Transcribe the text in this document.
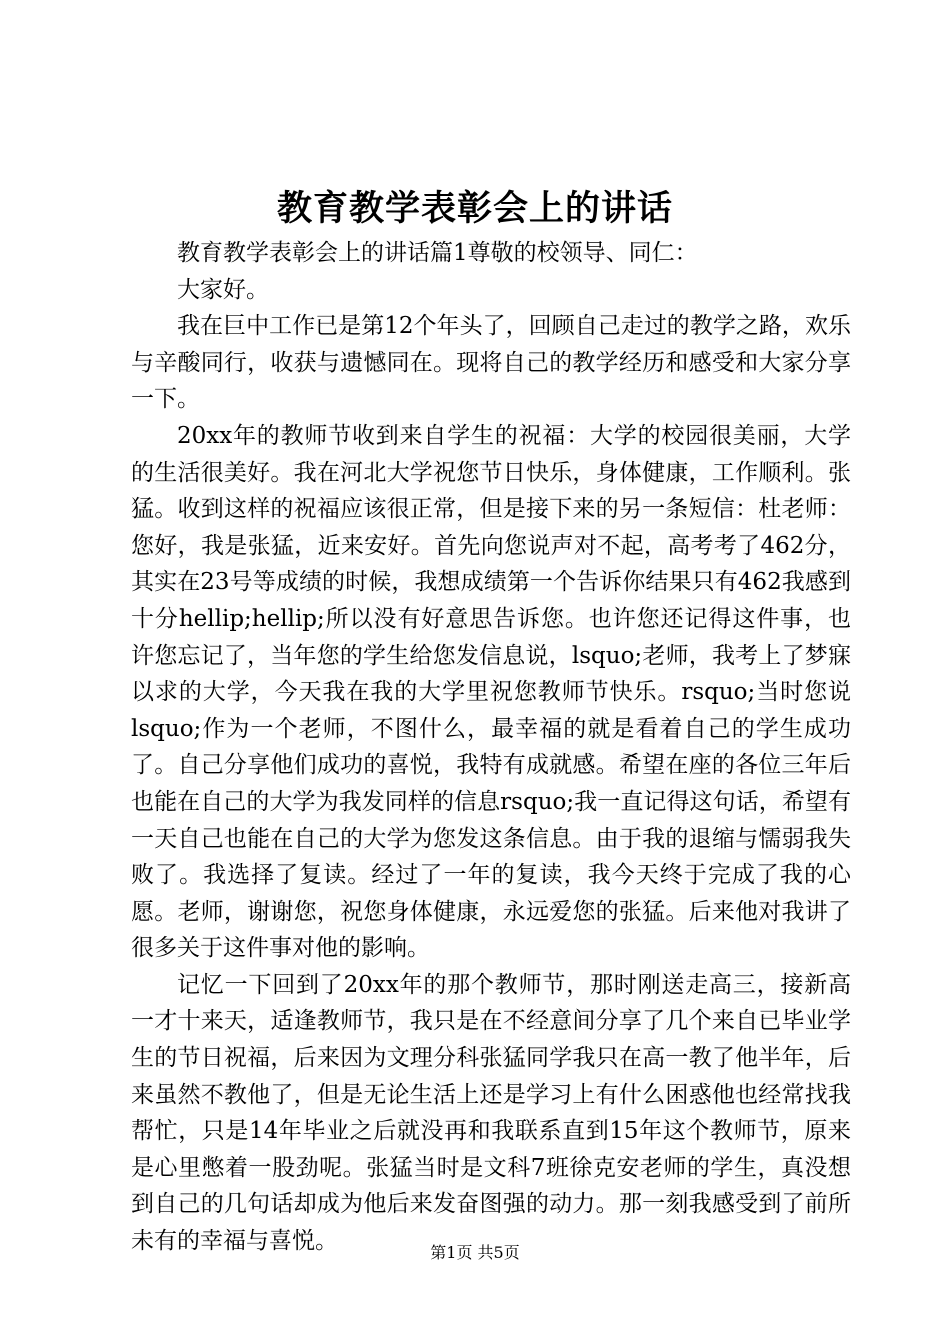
教育教学表彰会上的讲话

教育教学表彰会上的讲话篇1尊敬的校领导、同仁：

大家好。

我在巨中工作已是第12个年头了，回顾自己走过的教学之路，欢乐与辛酸同行，收获与遗憾同在。现将自己的教学经历和感受和大家分享一下。

20xx年的教师节收到来自学生的祝福：大学的校园很美丽，大学的生活很美好。我在河北大学祝您节日快乐，身体健康，工作顺利。张猛。收到这样的祝福应该很正常，但是接下来的另一条短信：杜老师：您好，我是张猛，近来安好。首先向您说声对不起，高考考了462分，其实在23号等成绩的时候，我想成绩第一个告诉你结果只有462我感到十分hellip;hellip;所以没有好意思告诉您。也许您还记得这件事，也许您忘记了，当年您的学生给您发信息说，lsquo;老师，我考上了梦寐以求的大学，今天我在我的大学里祝您教师节快乐。rsquo;当时您说lsquo;作为一个老师，不图什么，最幸福的就是看着自己的学生成功了。自己分享他们成功的喜悦，我特有成就感。希望在座的各位三年后也能在自己的大学为我发同样的信息rsquo;我一直记得这句话，希望有一天自己也能在自己的大学为您发这条信息。由于我的退缩与懦弱我失败了。我选择了复读。经过了一年的复读，我今天终于完成了我的心愿。老师，谢谢您，祝您身体健康，永远爱您的张猛。后来他对我讲了很多关于这件事对他的影响。

记忆一下回到了20xx年的那个教师节，那时刚送走高三，接新高一才十来天，适逢教师节，我只是在不经意间分享了几个来自已毕业学生的节日祝福，后来因为文理分科张猛同学我只在高一教了他半年，后来虽然不教他了，但是无论生活上还是学习上有什么困惑他也经常找我帮忙，只是14年毕业之后就没再和我联系直到15年这个教师节，原来是心里憋着一股劲呢。张猛当时是文科7班徐克安老师的学生，真没想到自己的几句话却成为他后来发奋图强的动力。那一刻我感受到了前所未有的幸福与喜悦。	第1页 共5页
